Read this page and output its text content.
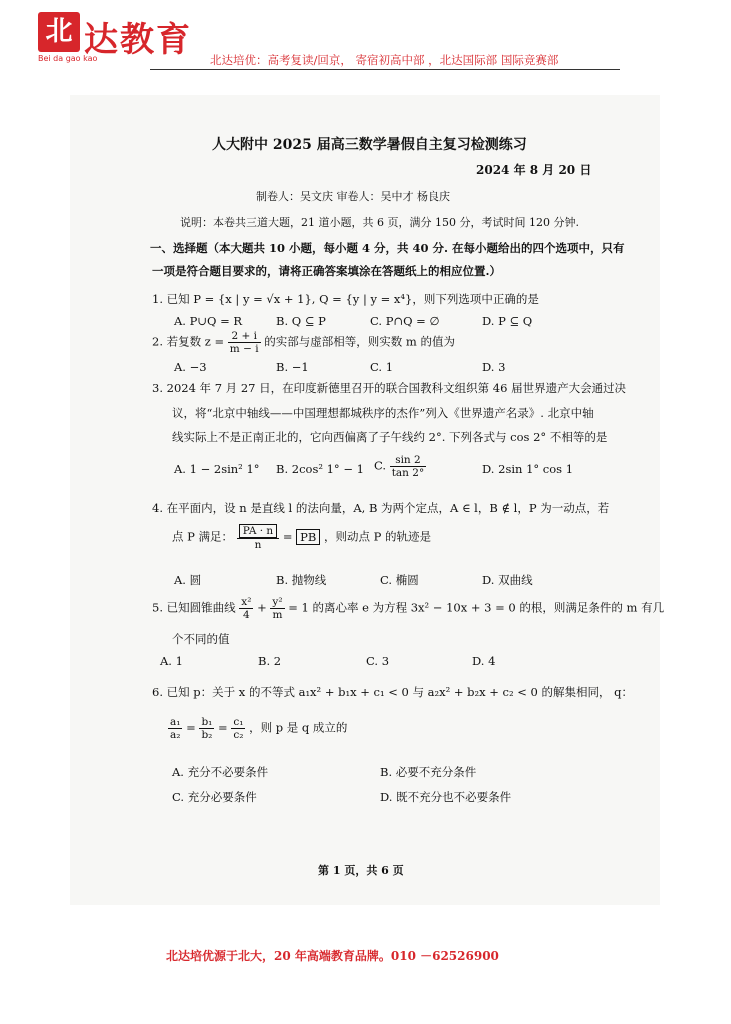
北 达教育
Bei da gao kao	北达培优：高考复读/回京， 寄宿初高中部 ，北达国际部 国际竞赛部
人大附中 2025 届高三数学暑假自主复习检测练习
2024 年 8 月 20 日
制卷人：吴文庆 审卷人：吴中才 杨良庆
说明：本卷共三道大题，21 道小题，共 6 页，满分 150 分，考试时间 120 分钟.
一、选择题（本大题共 10 小题，每小题 4 分，共 40 分. 在每小题给出的四个选项中，只有
一项是符合题目要求的，请将正确答案填涂在答题纸上的相应位置.）
1. 已知 P = {x | y = √x + 1}, Q = {y | y = x⁴}，则下列选项中正确的是
A. P∪Q = R	B. Q ⊆ P	C. P∩Q = ∅	D. P ⊆ Q
2. 若复数 $z = \frac{2 + i}{m - i}$ 的实部与虚部相等，则实数 m 的值为
A. −3	B. −1	C. 1	D. 3
3. 2024 年 7 月 27 日，在印度新德里召开的联合国教科文组织第 46 届世界遗产大会通过决
议，将“北京中轴线——中国理想都城秩序的杰作”列入《世界遗产名录》. 北京中轴
线实际上不是正南正北的，它向西偏离了子午线约 2°. 下列各式与 cos 2° 不相等的是
A. 1 − 2sin² 1° B. 2cos² 1° − 1 C. $\frac{\sin 2}{\tan 2^\circ}$	D. 2sin 1° cos 1
4. 在平面内，设 n 是直线 l 的法向量，A, B 为两个定点，A ∈ l，B ∉ l，P 为一动点，若
点 P 满足： $\frac{PA \cdot n}{n}$ = PB ，则动点 P 的轨迹是
A. 圆	B. 抛物线	C. 椭圆	D. 双曲线
5. 已知圆锥曲线 $\frac{\text{x²}}{4} + \frac{\text{y²}}{m} = 1$ 的离心率 e 为方程 3x² − 10x + 3 = 0 的根，则满足条件的 m 有几
个不同的值
A. 1	B. 2	C. 3	D. 4
6. 已知 p：关于 x 的不等式 a₁x² + b₁x + c₁ < 0 与 a₂x² + b₂x + c₂ < 0 的解集相同， q：
$\frac{\text{a₁}}{\text{a₂}} = \frac{\text{b₁}}{\text{b₂}} = \frac{\text{c₁}}{\text{c₂}}$ ，则 p 是 q 成立的
A. 充分不必要条件	B. 必要不充分条件
C. 充分必要条件	D. 既不充分也不必要条件
第 1 页，共 6 页
北达培优源于北大，20 年高端教育品牌。010 －62526900
